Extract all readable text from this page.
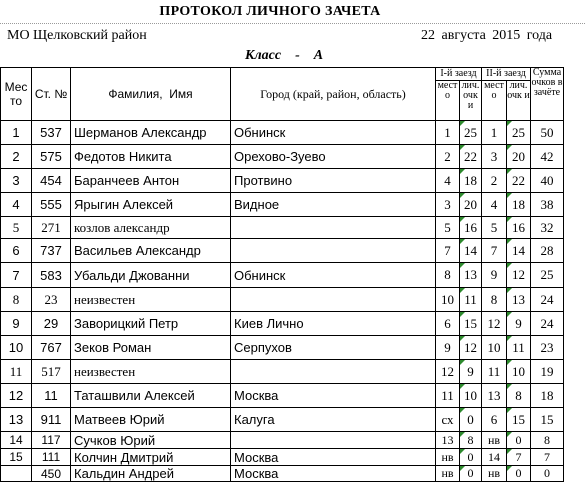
ПРОТОКОЛ ЛИЧНОГО ЗАЧЕТА
МО Щелковский район	22 августа 2015 года
Класс    -    А
Мес то	Ст. №	Фамилия,  Имя	Город (край, район, область)	I-й заезд		II-й заезд		Сумма очков в зачёте
				мест о	лич. очк и	мест о	лич. очк и	
1	537	Шерманов Александр	Обнинск	1	25	1	25	50
2	575	Федотов Никита	Орехово-Зуево	2	22	3	20	42
3	454	Баранчеев Антон	Протвино	4	18	2	22	40
4	555	Ярыгин Алексей	Видное	3	20	4	18	38
5	271	козлов александр		5	16	5	16	32
6	737	Васильев Александр		7	14	7	14	28
7	583	Убальди Джованни	Обнинск	8	13	9	12	25
8	23	неизвестен		10	11	8	13	24
9	29	Заворицкий Петр	Киев Лично	6	15	12	9	24
10	767	Зеков Роман	Серпухов	9	12	10	11	23
11	517	неизвестен		12	9	11	10	19
12	11	Таташвили Алексей	Москва	11	10	13	8	18
13	911	Матвеев Юрий	Калуга	сх	0	6	15	15
14	117	Сучков Юрий		13	8	нв	0	8
15	111	Колчин Дмитрий	Москва	нв	0	14	7	7
	450	Кальдин Андрей	Москва	нв	0	нв	0	0
